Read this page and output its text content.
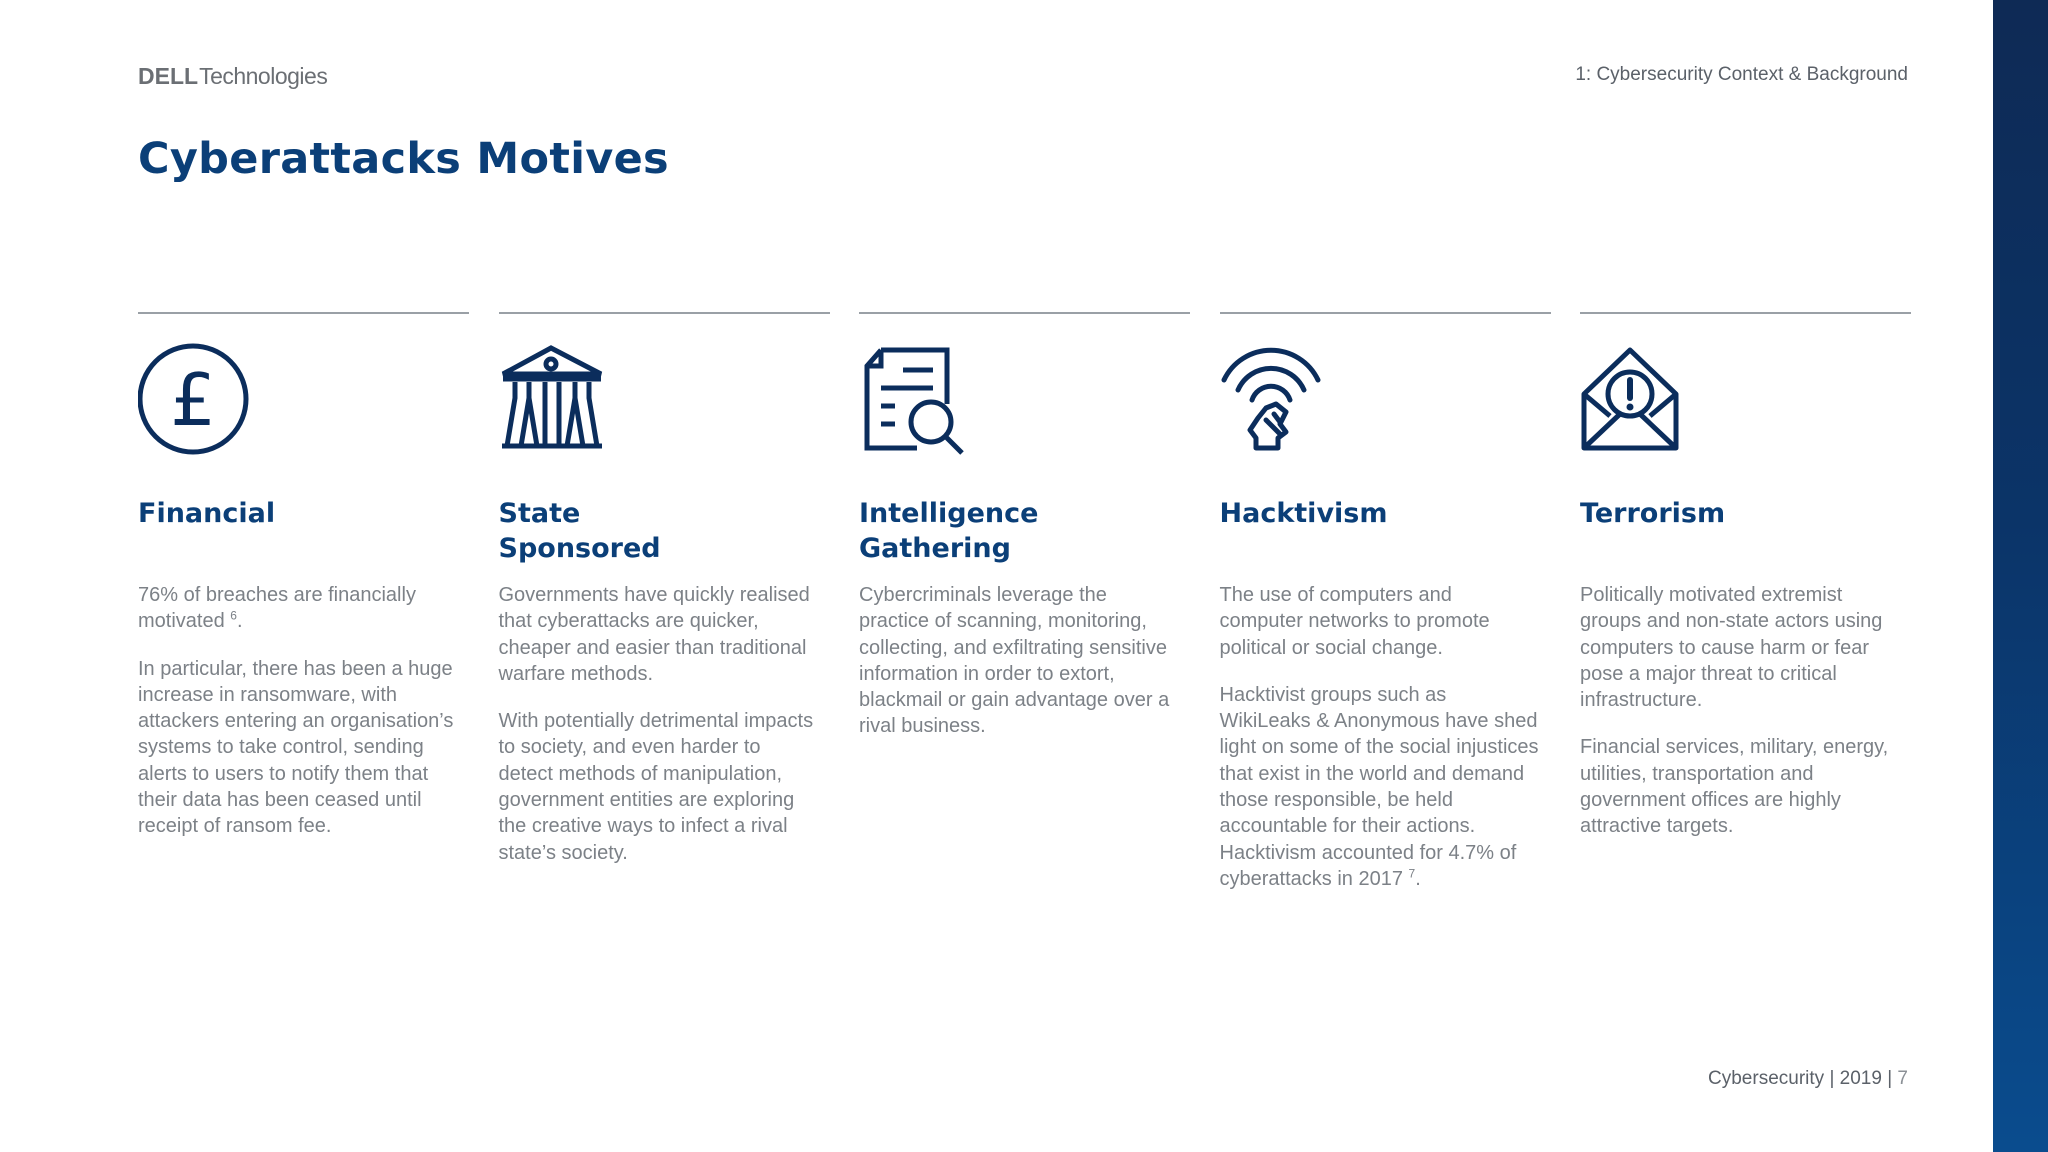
DELL Technologies	1: Cybersecurity Context & Background
Cyberattacks Motives
£
Financial

76% of breaches are financially motivated $^6$.

In particular, there has been a huge increase in ransomware, with attackers entering an organisation’s systems to take control, sending alerts to users to notify them that their data has been ceased until receipt of ransom fee.

State
Sponsored

Governments have quickly realised that cyberattacks are quicker, cheaper and easier than traditional warfare methods.

With potentially detrimental impacts to society, and even harder to detect methods of manipulation, government entities are exploring the creative ways to infect a rival state’s society.

Intelligence
Gathering

Cybercriminals leverage the practice of scanning, monitoring, collecting, and exfiltrating sensitive information in order to extort, blackmail or gain advantage over a rival business.

Hacktivism

The use of computers and computer networks to promote political or social change.

Hacktivist groups such as WikiLeaks & Anonymous have shed light on some of the social injustices that exist in the world and demand those responsible, be held accountable for their actions. Hacktivism accounted for 4.7% of cyberattacks in 2017 $^7$.

Terrorism

Politically motivated extremist groups and non-state actors using computers to cause harm or fear pose a major threat to critical infrastructure.

Financial services, military, energy, utilities, transportation and government offices are highly attractive targets.

Cybersecurity | 2019 | 7
